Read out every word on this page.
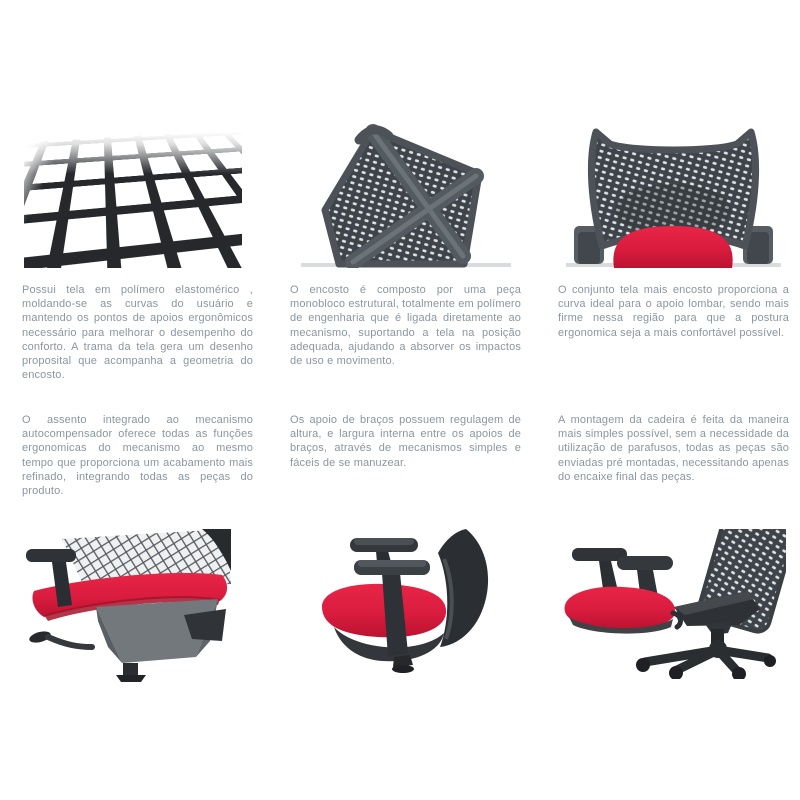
Possui tela em polímero elastomérico , moldando-se as curvas do usuário e mantendo os pontos de apoios ergonômicos necessário para melhorar o desempenho do conforto. A trama da tela gera um desenho proposital que acompanha a geometria do encosto.

O encosto é composto por uma peça monobloco estrutural, totalmente em polímero de engenharia que é ligada diretamente ao mecanismo, suportando a tela na posição adequada, ajudando a absorver os impactos de uso e movimento.

O conjunto tela mais encosto proporciona a curva ideal para o apoio lombar, sendo mais firme nessa região para que a postura ergonomica seja a mais confortável possível.

O assento integrado ao mecanismo autocompensador oferece todas as funções ergonomicas do mecanismo ao mesmo tempo que proporciona um acabamento mais refinado, integrando todas as peças do produto.

Os apoio de braços possuem regulagem de altura, e largura interna entre os apoios de braços, através de mecanismos simples e fáceis de se manuzear.

A montagem da cadeira é feita da maneira mais simples possível, sem a necessidade da utilização de parafusos, todas as peças são enviadas pré montadas, necessitando apenas do encaixe final das peças.
